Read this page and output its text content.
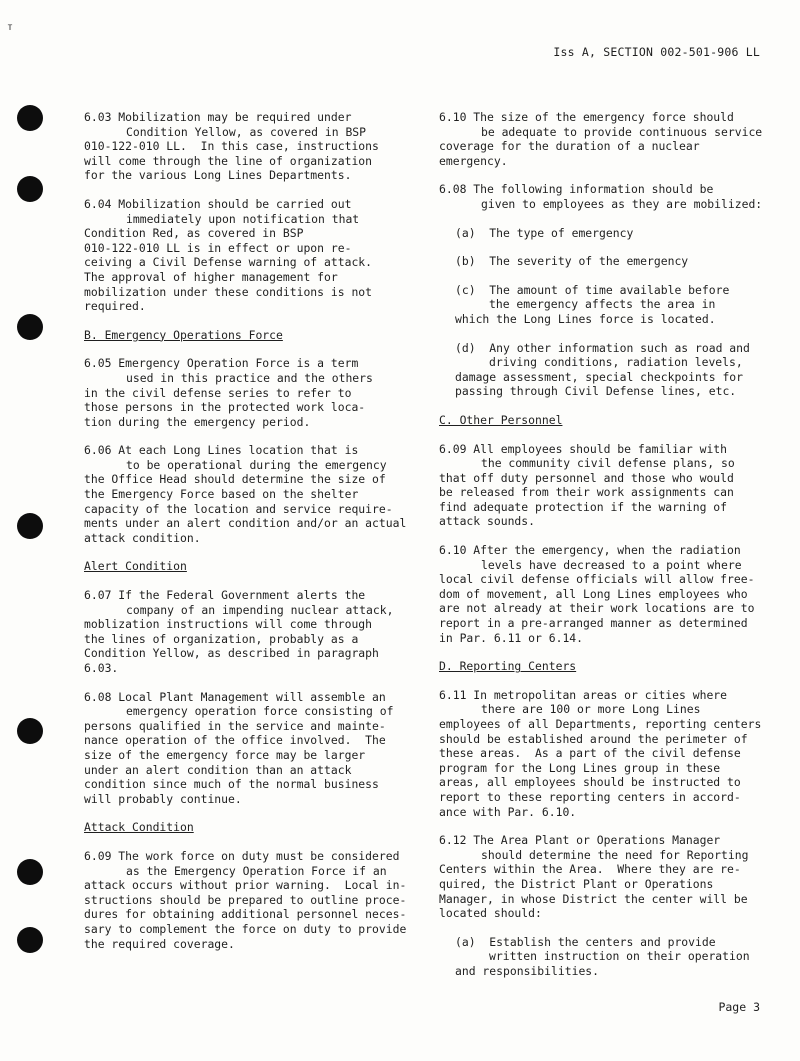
ᴛ
Iss A, SECTION 002-501-906 LL
6.03 Mobilization may be required under
Condition Yellow, as covered in BSP
010-122-010 LL.  In this case, instructions
will come through the line of organization
for the various Long Lines Departments.
6.04 Mobilization should be carried out
immediately upon notification that
Condition Red, as covered in BSP
010-122-010 LL is in effect or upon re-
ceiving a Civil Defense warning of attack.
The approval of higher management for
mobilization under these conditions is not
required.
B. Emergency Operations Force
6.05 Emergency Operation Force is a term
used in this practice and the others
in the civil defense series to refer to
those persons in the protected work loca-
tion during the emergency period.
6.06 At each Long Lines location that is
to be operational during the emergency
the Office Head should determine the size of
the Emergency Force based on the shelter
capacity of the location and service require-
ments under an alert condition and/or an actual
attack condition.
Alert Condition
6.07 If the Federal Government alerts the
company of an impending nuclear attack,
moblization instructions will come through
the lines of organization, probably as a
Condition Yellow, as described in paragraph
6.03.
6.08 Local Plant Management will assemble an
emergency operation force consisting of
persons qualified in the service and mainte-
nance operation of the office involved.  The
size of the emergency force may be larger
under an alert condition than an attack
condition since much of the normal business
will probably continue.
Attack Condition
6.09 The work force on duty must be considered
as the Emergency Operation Force if an
attack occurs without prior warning.  Local in-
structions should be prepared to outline proce-
dures for obtaining additional personnel neces-
sary to complement the force on duty to provide
the required coverage.
6.10 The size of the emergency force should
be adequate to provide continuous service
coverage for the duration of a nuclear
emergency.
6.08 The following information should be
given to employees as they are mobilized:
(a)  The type of emergency
(b)  The severity of the emergency
(c)  The amount of time available before
the emergency affects the area in
which the Long Lines force is located.
(d)  Any other information such as road and
driving conditions, radiation levels,
damage assessment, special checkpoints for
passing through Civil Defense lines, etc.
C. Other Personnel
6.09 All employees should be familiar with
the community civil defense plans, so
that off duty personnel and those who would
be released from their work assignments can
find adequate protection if the warning of
attack sounds.
6.10 After the emergency, when the radiation
levels have decreased to a point where
local civil defense officials will allow free-
dom of movement, all Long Lines employees who
are not already at their work locations are to
report in a pre-arranged manner as determined
in Par. 6.11 or 6.14.
D. Reporting Centers
6.11 In metropolitan areas or cities where
there are 100 or more Long Lines
employees of all Departments, reporting centers
should be established around the perimeter of
these areas.  As a part of the civil defense
program for the Long Lines group in these
areas, all employees should be instructed to
report to these reporting centers in accord-
ance with Par. 6.10.
6.12 The Area Plant or Operations Manager
should determine the need for Reporting
Centers within the Area.  Where they are re-
quired, the District Plant or Operations
Manager, in whose District the center will be
located should:
(a)  Establish the centers and provide
written instruction on their operation
and responsibilities.
Page 3
